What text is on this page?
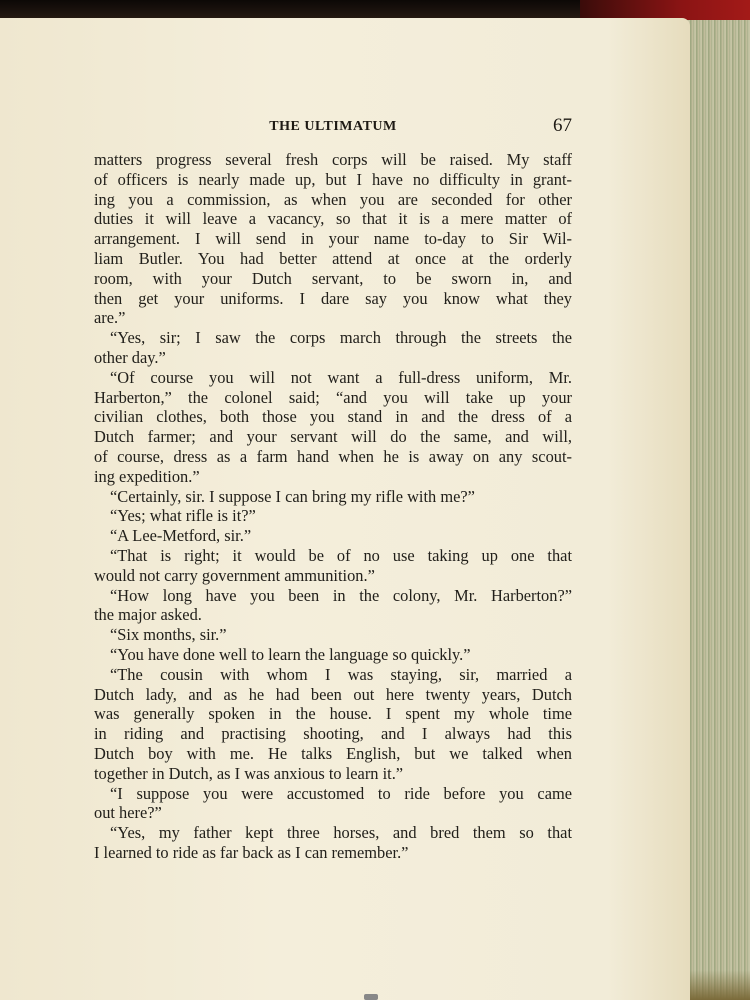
THE ULTIMATUM	67
matters progress several fresh corps will be raised. My staff
of officers is nearly made up, but I have no difficulty in grant-
ing you a commission, as when you are seconded for other
duties it will leave a vacancy, so that it is a mere matter of
arrangement. I will send in your name to-day to Sir Wil-
liam Butler. You had better attend at once at the orderly
room, with your Dutch servant, to be sworn in, and
then get your uniforms. I dare say you know what they
are.”
“Yes, sir; I saw the corps march through the streets the
other day.”
“Of course you will not want a full-dress uniform, Mr.
Harberton,” the colonel said; “and you will take up your
civilian clothes, both those you stand in and the dress of a
Dutch farmer; and your servant will do the same, and will,
of course, dress as a farm hand when he is away on any scout-
ing expedition.”
“Certainly, sir. I suppose I can bring my rifle with me?”
“Yes; what rifle is it?”
“A Lee-Metford, sir.”
“That is right; it would be of no use taking up one that
would not carry government ammunition.”
“How long have you been in the colony, Mr. Harberton?”
the major asked.
“Six months, sir.”
“You have done well to learn the language so quickly.”
“The cousin with whom I was staying, sir, married a
Dutch lady, and as he had been out here twenty years, Dutch
was generally spoken in the house. I spent my whole time
in riding and practising shooting, and I always had this
Dutch boy with me. He talks English, but we talked when
together in Dutch, as I was anxious to learn it.”
“I suppose you were accustomed to ride before you came
out here?”
“Yes, my father kept three horses, and bred them so that
I learned to ride as far back as I can remember.”
